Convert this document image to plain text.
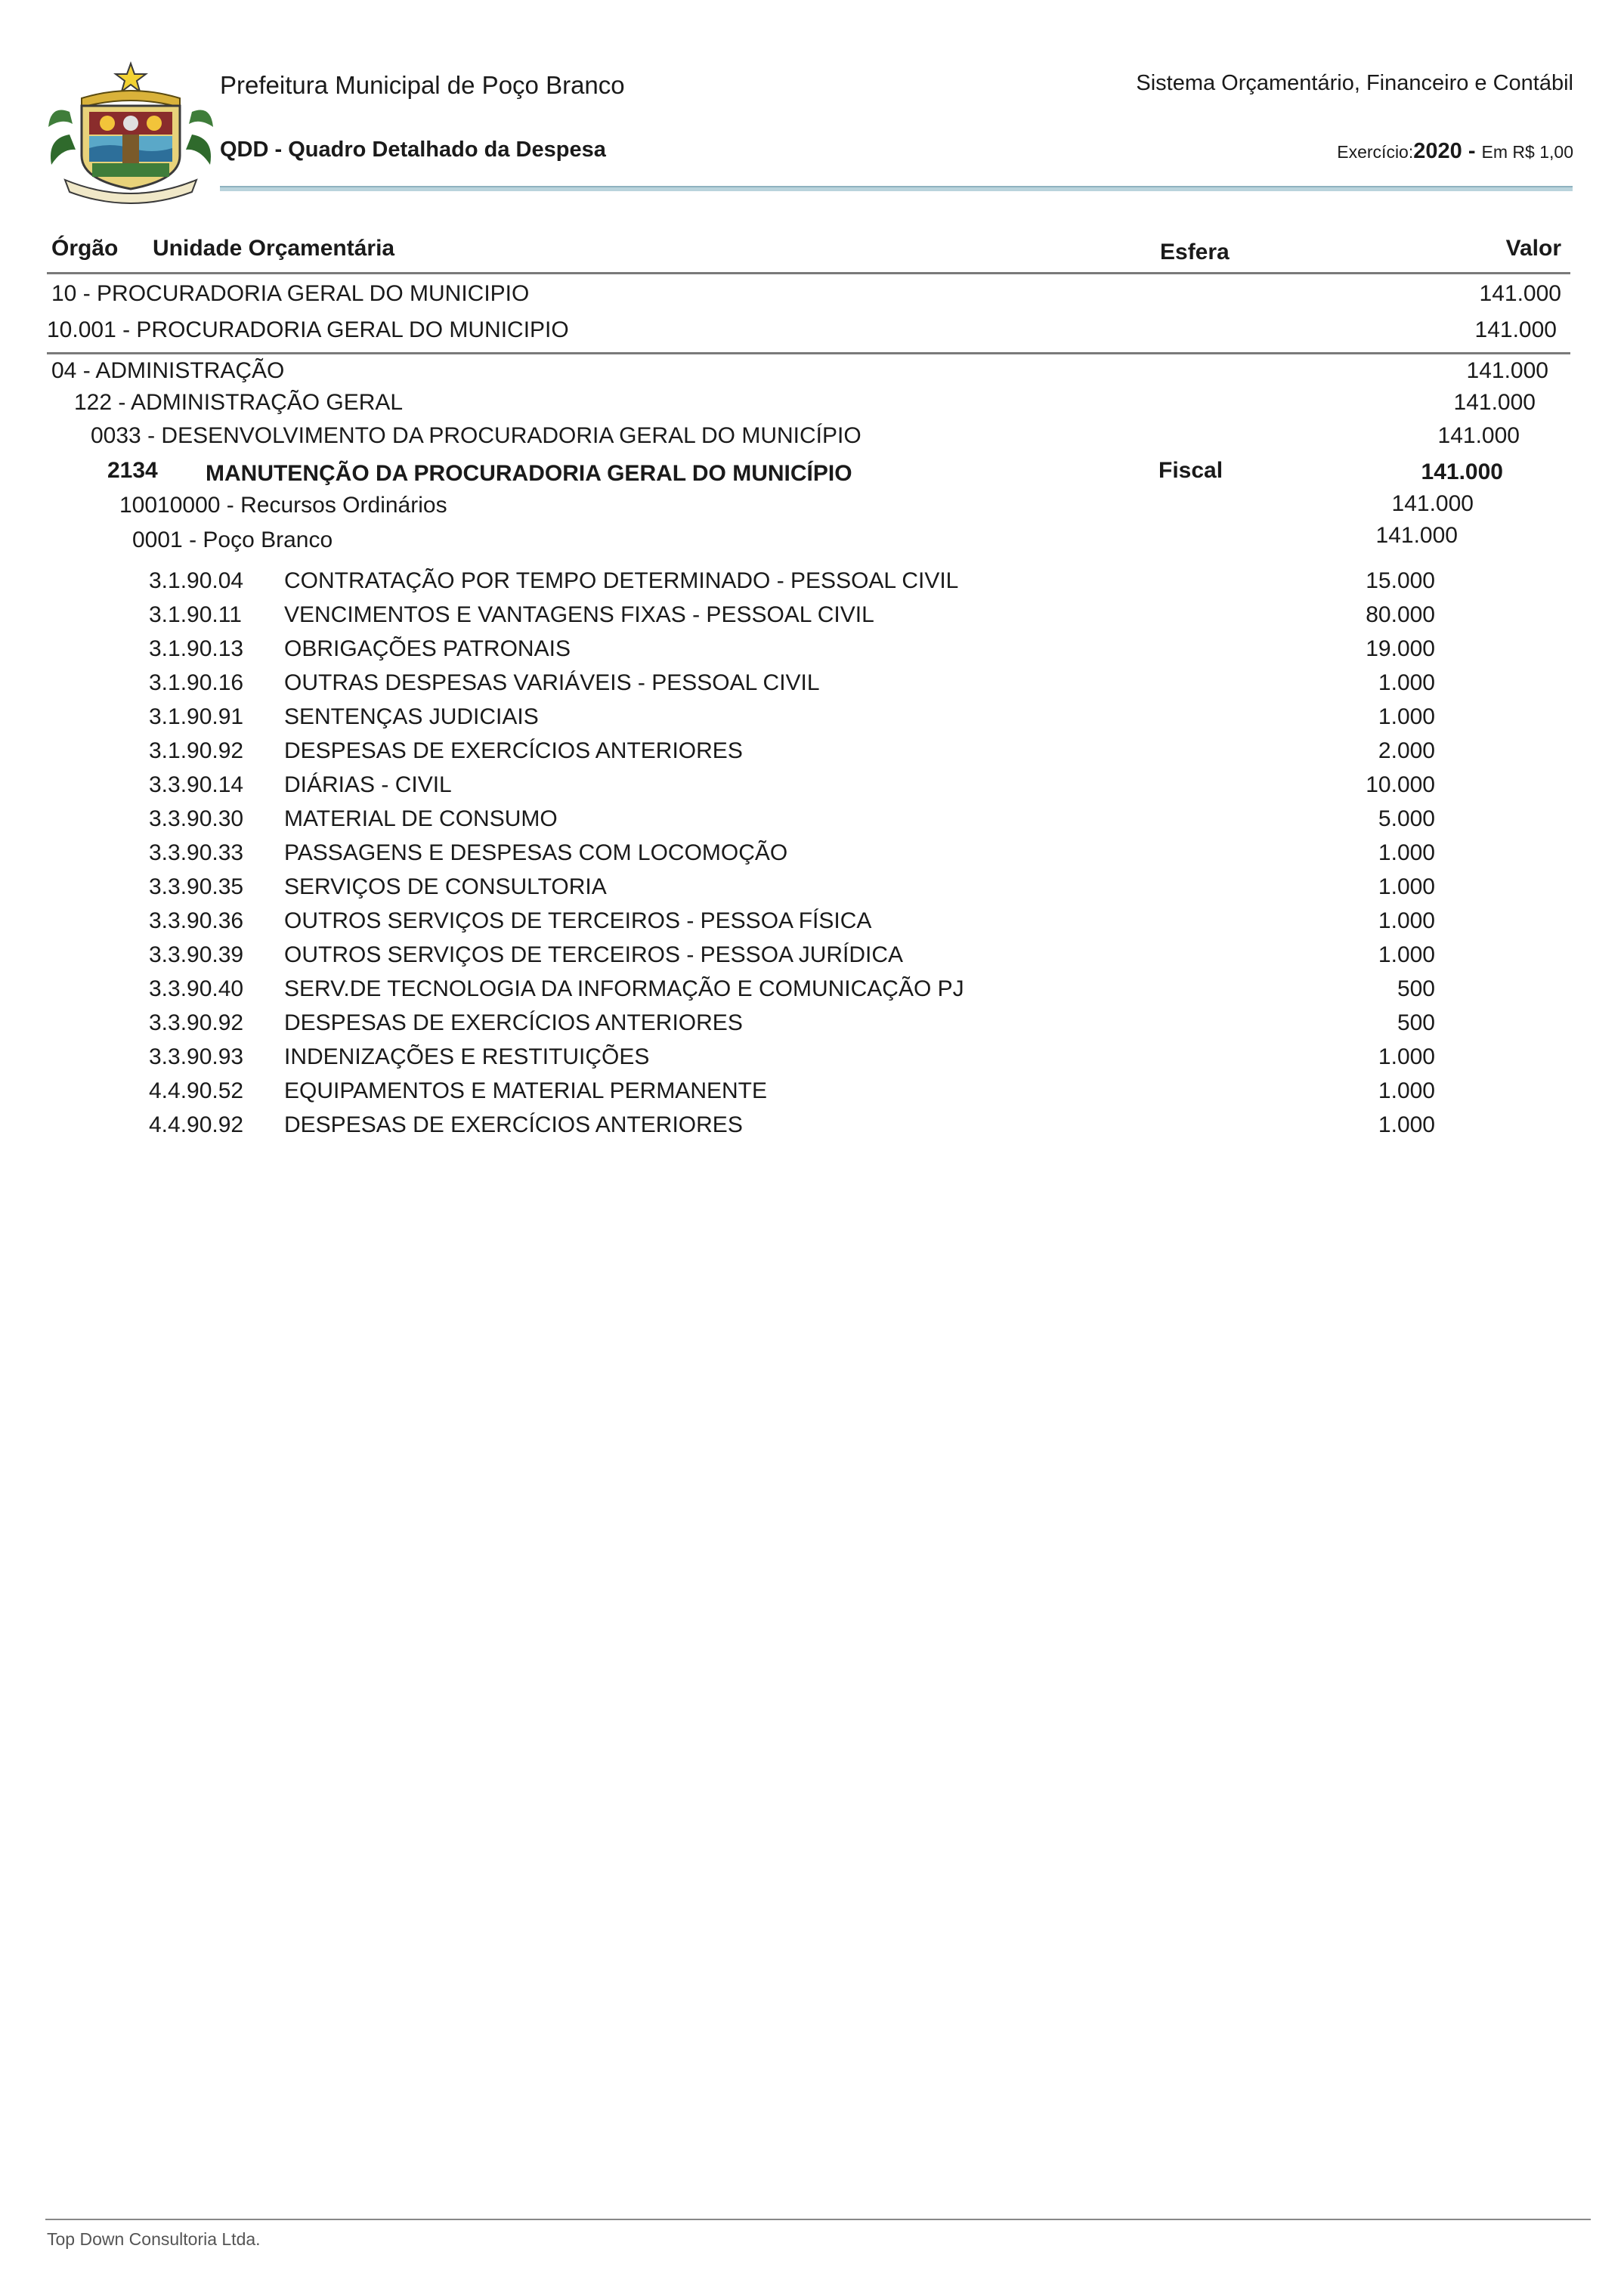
Prefeitura Municipal de Poço Branco
QDD - Quadro Detalhado da Despesa
Sistema Orçamentário, Financeiro e Contábil
Exercício:2020 - Em R$ 1,00
Órgão Unidade Orçamentária	Esfera	Valor
10 - PROCURADORIA GERAL DO MUNICIPIO	141.000
10.001 - PROCURADORIA GERAL DO MUNICIPIO	141.000
04 - ADMINISTRAÇÃO	141.000
122 - ADMINISTRAÇÃO GERAL	141.000
0033 - DESENVOLVIMENTO DA PROCURADORIA GERAL DO MUNICÍPIO	141.000
2134 MANUTENÇÃO DA PROCURADORIA GERAL DO MUNICÍPIO	Fiscal	141.000
10010000 - Recursos Ordinários	141.000
0001 - Poço Branco	141.000
3.1.90.04 CONTRATAÇÃO POR TEMPO DETERMINADO - PESSOAL CIVIL	15.000
3.1.90.11 VENCIMENTOS E VANTAGENS FIXAS - PESSOAL CIVIL	80.000
3.1.90.13 OBRIGAÇÕES PATRONAIS	19.000
3.1.90.16 OUTRAS DESPESAS VARIÁVEIS - PESSOAL CIVIL	1.000
3.1.90.91 SENTENÇAS JUDICIAIS	1.000
3.1.90.92 DESPESAS DE EXERCÍCIOS ANTERIORES	2.000
3.3.90.14 DIÁRIAS - CIVIL	10.000
3.3.90.30 MATERIAL DE CONSUMO	5.000
3.3.90.33 PASSAGENS E DESPESAS COM LOCOMOÇÃO	1.000
3.3.90.35 SERVIÇOS DE CONSULTORIA	1.000
3.3.90.36 OUTROS SERVIÇOS DE TERCEIROS - PESSOA FÍSICA	1.000
3.3.90.39 OUTROS SERVIÇOS DE TERCEIROS - PESSOA JURÍDICA	1.000
3.3.90.40 SERV.DE TECNOLOGIA DA INFORMAÇÃO E COMUNICAÇÃO PJ	500
3.3.90.92 DESPESAS DE EXERCÍCIOS ANTERIORES	500
3.3.90.93 INDENIZAÇÕES E RESTITUIÇÕES	1.000
4.4.90.52 EQUIPAMENTOS E MATERIAL PERMANENTE	1.000
4.4.90.92 DESPESAS DE EXERCÍCIOS ANTERIORES	1.000
Top Down Consultoria Ltda.
